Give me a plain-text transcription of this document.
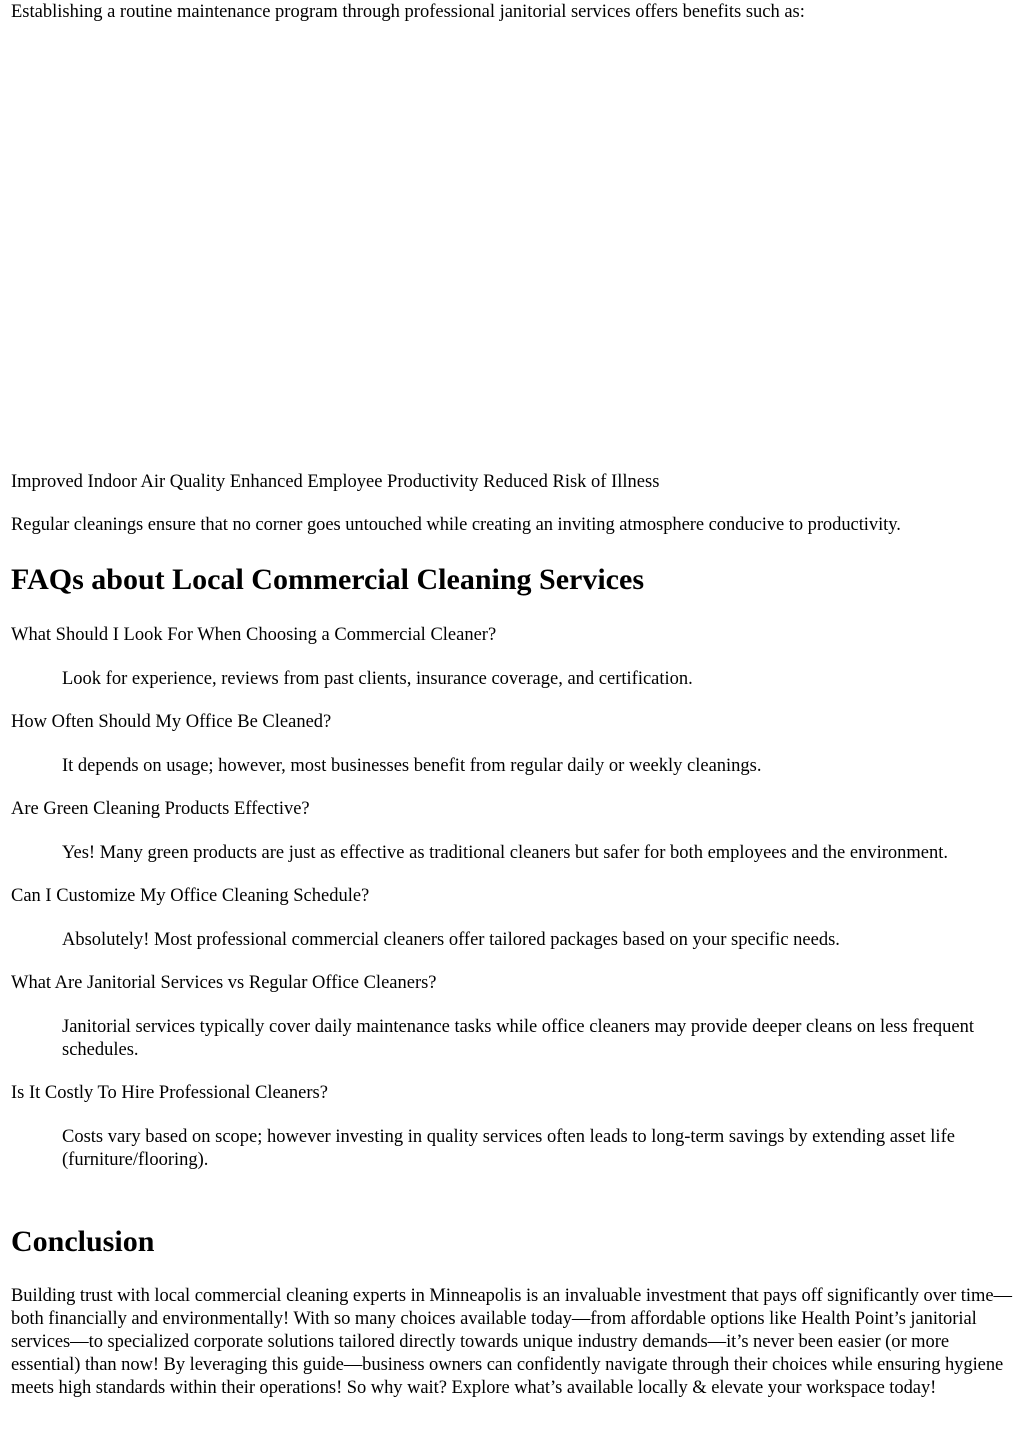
Establishing a routine maintenance program through professional janitorial services offers benefits such as:

Improved Indoor Air Quality Enhanced Employee Productivity Reduced Risk of Illness

Regular cleanings ensure that no corner goes untouched while creating an inviting atmosphere conducive to productivity.

FAQs about Local Commercial Cleaning Services

What Should I Look For When Choosing a Commercial Cleaner?

Look for experience, reviews from past clients, insurance coverage, and certification.

How Often Should My Office Be Cleaned?

It depends on usage; however, most businesses benefit from regular daily or weekly cleanings.

Are Green Cleaning Products Effective?

Yes! Many green products are just as effective as traditional cleaners but safer for both employees and the environment.

Can I Customize My Office Cleaning Schedule?

Absolutely! Most professional commercial cleaners offer tailored packages based on your specific needs.

What Are Janitorial Services vs Regular Office Cleaners?

Janitorial services typically cover daily maintenance tasks while office cleaners may provide deeper cleans on less frequent schedules.

Is It Costly To Hire Professional Cleaners?

Costs vary based on scope; however investing in quality services often leads to long-term savings by extending asset life (furniture/flooring).

Conclusion

Building trust with local commercial cleaning experts in Minneapolis is an invaluable investment that pays off significantly over time—both financially and environmentally! With so many choices available today—from affordable options like Health Point’s janitorial services—to specialized corporate solutions tailored directly towards unique industry demands—it’s never been easier (or more essential) than now! By leveraging this guide—business owners can confidently navigate through their choices while ensuring hygiene meets high standards within their operations! So why wait? Explore what’s available locally & elevate your workspace today!
